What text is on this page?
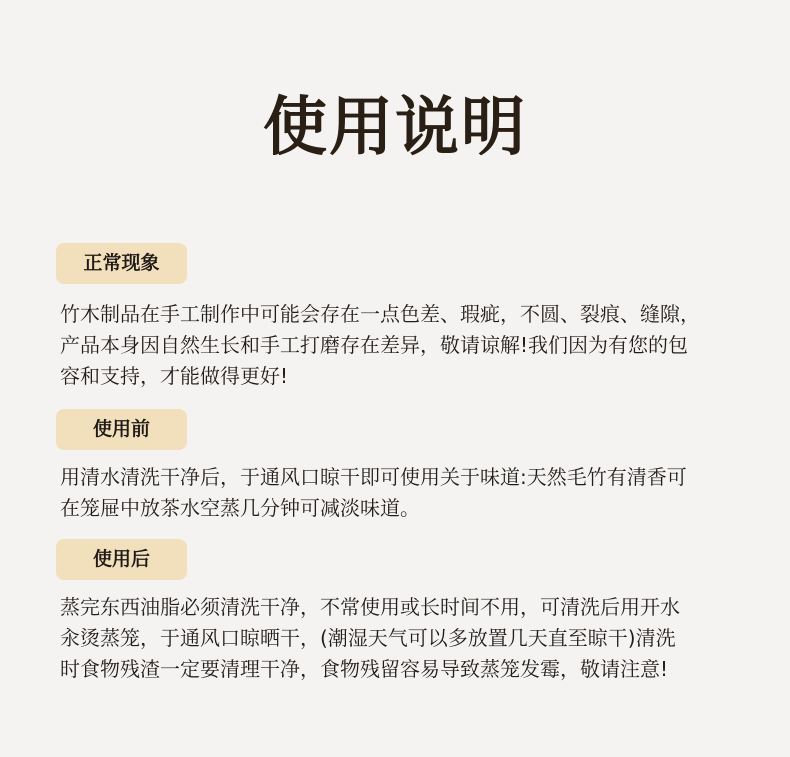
使用说明
正常现象

竹木制品在手工制作中可能会存在一点色差、瑕疵，不圆、裂痕、缝隙，
产品本身因自然生长和手工打磨存在差异，敬请谅解!我们因为有您的包
容和支持，才能做得更好!

使用前

用清水清洗干净后，于通风口晾干即可使用关于味道:天然毛竹有清香可
在笼屉中放茶水空蒸几分钟可减淡味道。

使用后

蒸完东西油脂必须清洗干净，不常使用或长时间不用，可清洗后用开水
汆烫蒸笼，于通风口晾晒干，(潮湿天气可以多放置几天直至晾干)清洗
时食物残渣一定要清理干净，食物残留容易导致蒸笼发霉，敬请注意!
